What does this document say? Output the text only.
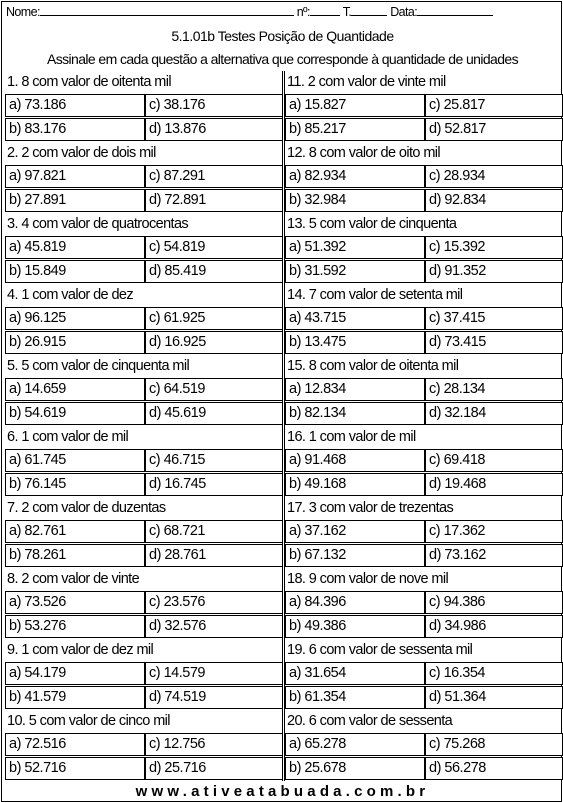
Nome:	nº:	T.	Data:
5.1.01b Testes Posição de Quantidade
Assinale em cada questão a alternativa que corresponde à quantidade de unidades
1. 8 com valor de oitenta mil
a) 73.186	c) 38.176
b) 83.176	d) 13.876
2. 2 com valor de dois mil
a) 97.821	c) 87.291
b) 27.891	d) 72.891
3. 4 com valor de quatrocentas
a) 45.819	c) 54.819
b) 15.849	d) 85.419
4. 1 com valor de dez
a) 96.125	c) 61.925
b) 26.915	d) 16.925
5. 5 com valor de cinquenta mil
a) 14.659	c) 64.519
b) 54.619	d) 45.619
6. 1 com valor de mil
a) 61.745	c) 46.715
b) 76.145	d) 16.745
7. 2 com valor de duzentas
a) 82.761	c) 68.721
b) 78.261	d) 28.761
8. 2 com valor de vinte
a) 73.526	c) 23.576
b) 53.276	d) 32.576
9. 1 com valor de dez mil
a) 54.179	c) 14.579
b) 41.579	d) 74.519
10. 5 com valor de cinco mil
a) 72.516	c) 12.756
b) 52.716	d) 25.716
11. 2 com valor de vinte mil
a) 15.827	c) 25.817
b) 85.217	d) 52.817
12. 8 com valor de oito mil
a) 82.934	c) 28.934
b) 32.984	d) 92.834
13. 5 com valor de cinquenta
a) 51.392	c) 15.392
b) 31.592	d) 91.352
14. 7 com valor de setenta mil
a) 43.715	c) 37.415
b) 13.475	d) 73.415
15. 8 com valor de oitenta mil
a) 12.834	c) 28.134
b) 82.134	d) 32.184
16. 1 com valor de mil
a) 91.468	c) 69.418
b) 49.168	d) 19.468
17. 3 com valor de trezentas
a) 37.162	c) 17.362
b) 67.132	d) 73.162
18. 9 com valor de nove mil
a) 84.396	c) 94.386
b) 49.386	d) 34.986
19. 6 com valor de sessenta mil
a) 31.654	c) 16.354
b) 61.354	d) 51.364
20. 6 com valor de sessenta
a) 65.278	c) 75.268
b) 25.678	d) 56.278
www.ativeatabuada.com.br
